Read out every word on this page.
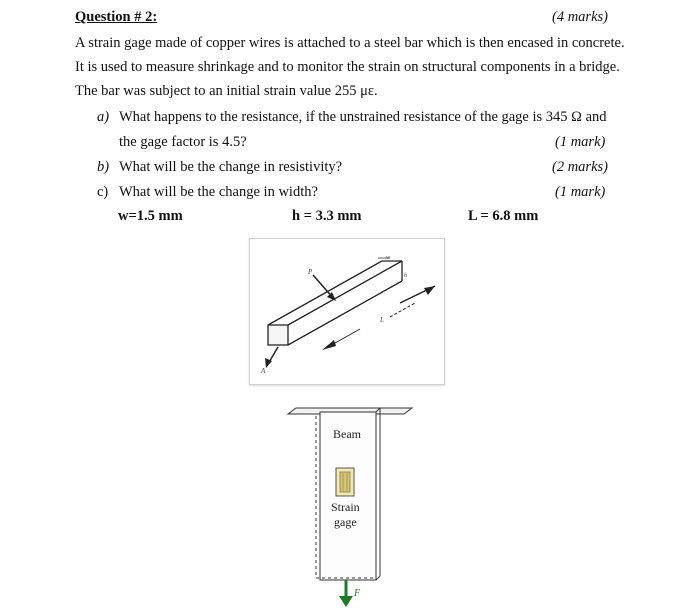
Question # 2:	(4 marks)
A strain gage made of copper wires is attached to a steel bar which is then encased in concrete.
It is used to measure shrinkage and to monitor the strain on structural components in a bridge.
The bar was subject to an initial strain value 255 με.
a) What happens to the resistance, if the unstrained resistance of the gage is 345 Ω and
the gage factor is 4.5?	(1 mark)
b) What will be the change in resistivity?	(2 marks)
c) What will be the change in width?	(1 mark)
w=1.5 mm	h = 3.3 mm	L = 6.8 mm
P
w
h
L
A
Beam
Strain
gage
F
